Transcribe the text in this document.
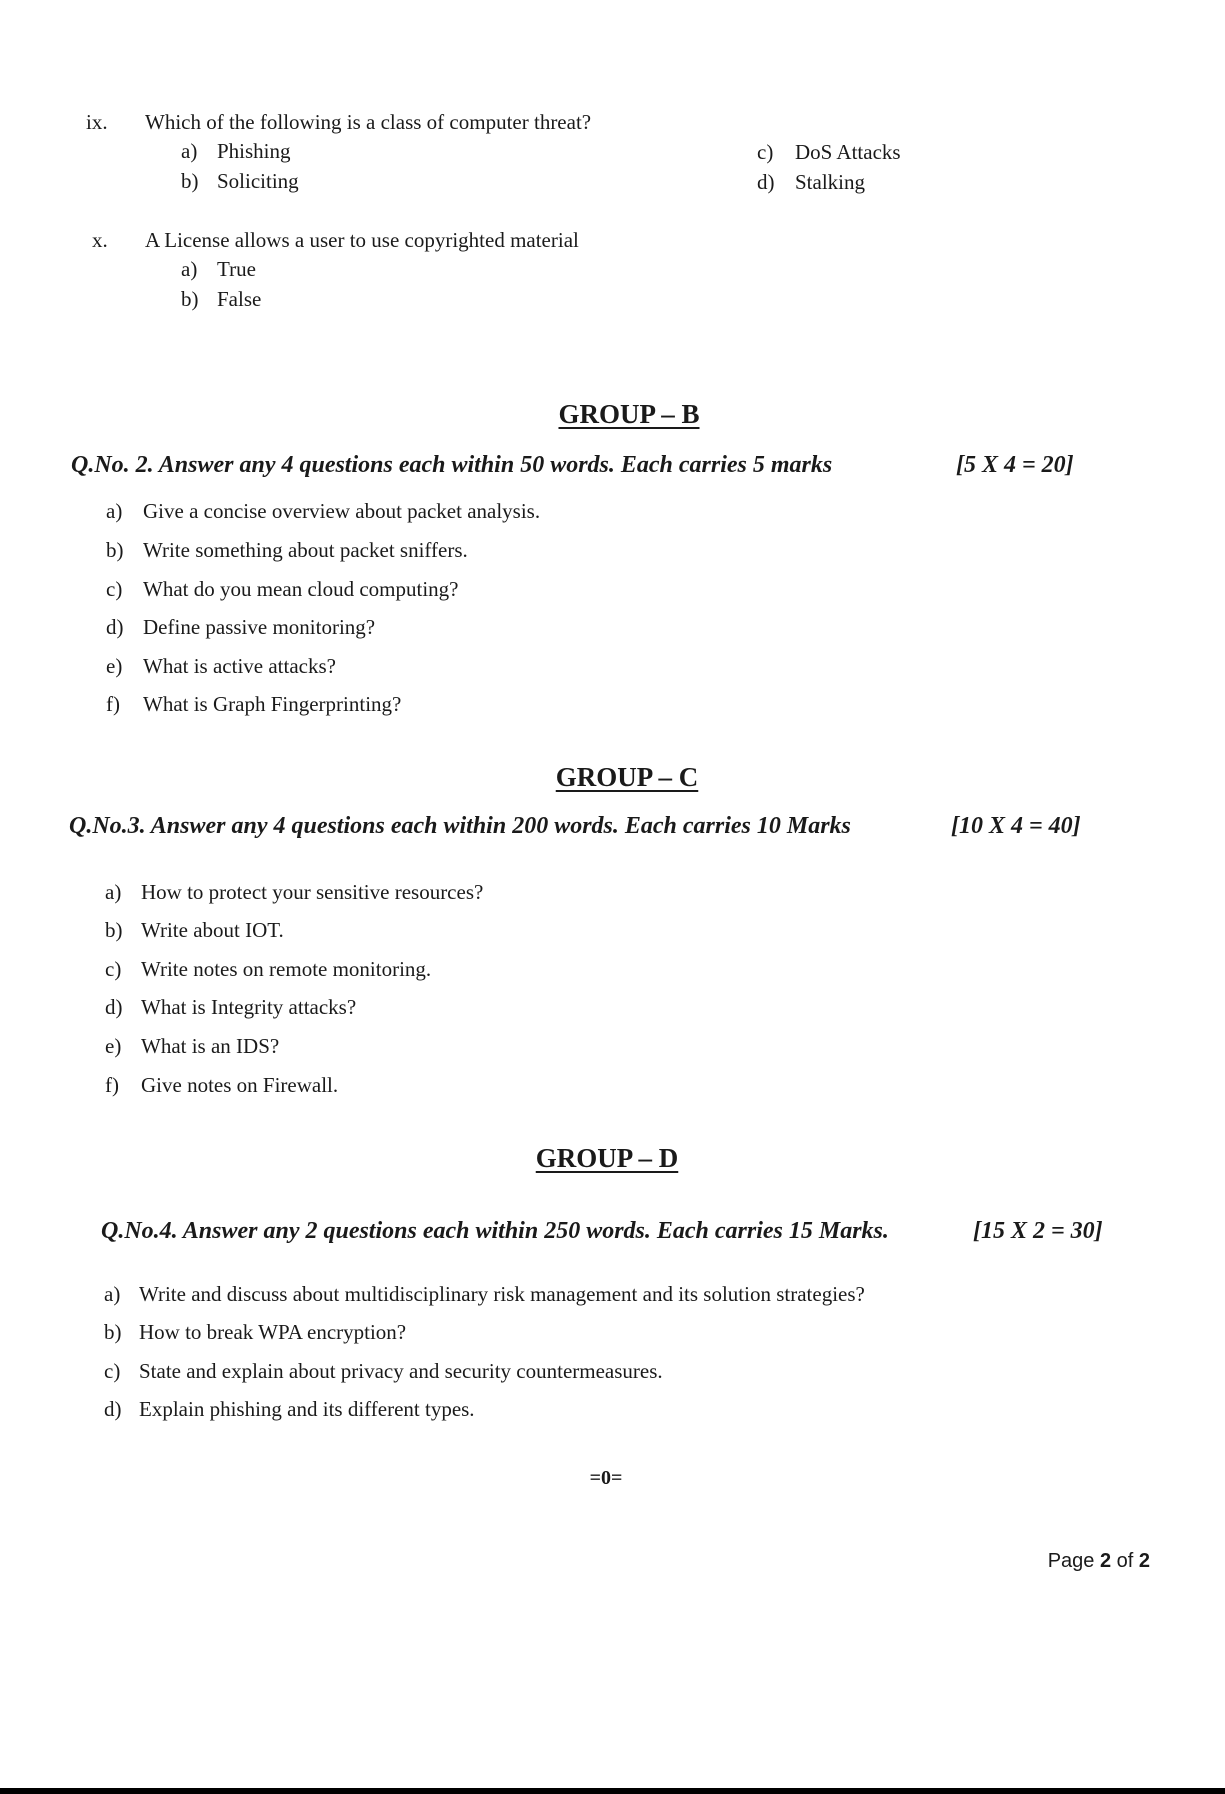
ix. Which of the following is a class of computer threat?
a) Phishing
b) Soliciting
c) DoS Attacks
d) Stalking
x. A License allows a user to use copyrighted material
a) True
b) False
GROUP – B
Q.No. 2. Answer any 4 questions each within 50 words. Each carries 5 marks	[5 X 4 = 20]
a) Give a concise overview about packet analysis.
b) Write something about packet sniffers.
c) What do you mean cloud computing?
d) Define passive monitoring?
e) What is active attacks?
f) What is Graph Fingerprinting?
GROUP – C
Q.No.3. Answer any 4 questions each within 200 words. Each carries 10 Marks	[10 X 4 = 40]
a) How to protect your sensitive resources?
b) Write about IOT.
c) Write notes on remote monitoring.
d) What is Integrity attacks?
e) What is an IDS?
f) Give notes on Firewall.
GROUP – D
Q.No.4. Answer any 2 questions each within 250 words. Each carries 15 Marks.	[15 X 2 = 30]
a) Write and discuss about multidisciplinary risk management and its solution strategies?
b) How to break WPA encryption?
c) State and explain about privacy and security countermeasures.
d) Explain phishing and its different types.
=0=
Page 2 of 2
